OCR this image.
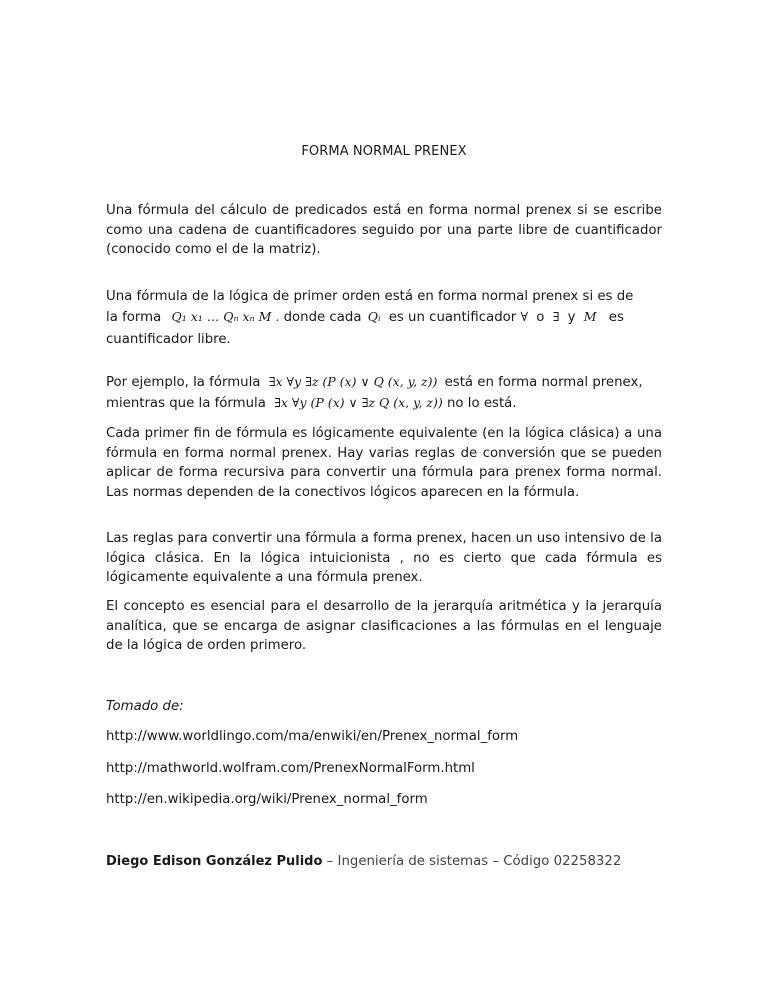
FORMA NORMAL PRENEX

Una fórmula del cálculo de predicados está en forma normal prenex si se escribe como una cadena de cuantificadores seguido por una parte libre de cuantificador (conocido como el de la matriz).

Una fórmula de la lógica de primer orden está en forma normal prenex si es de
la forma Q₁ x₁ … Qₙ xₙ M . donde cada Qᵢ es un cuantificador ∀ o ∃ y M es
cuantificador libre.
Por ejemplo, la fórmula ∃x ∀y ∃z (P (x) ∨ Q (x, y, z)) está en forma normal prenex,
mientras que la fórmula ∃x ∀y (P (x) ∨ ∃z Q (x, y, z)) no lo está.

Cada primer fin de fórmula es lógicamente equivalente (en la lógica clásica) a una fórmula en forma normal prenex. Hay varias reglas de conversión que se pueden aplicar de forma recursiva para convertir una fórmula para prenex forma normal. Las normas dependen de la conectivos lógicos aparecen en la fórmula.

Las reglas para convertir una fórmula a forma prenex, hacen un uso intensivo de la lógica clásica. En la lógica intuicionista , no es cierto que cada fórmula es lógicamente equivalente a una fórmula prenex.

El concepto es esencial para el desarrollo de la jerarquía aritmética y la jerarquía analítica, que se encarga de asignar clasificaciones a las fórmulas en el lenguaje de la lógica de orden primero.

Tomado de:
http://www.worldlingo.com/ma/enwiki/en/Prenex_normal_form
http://mathworld.wolfram.com/PrenexNormalForm.html
http://en.wikipedia.org/wiki/Prenex_normal_form
Diego Edison González Pulido – Ingeniería de sistemas – Código 02258322
